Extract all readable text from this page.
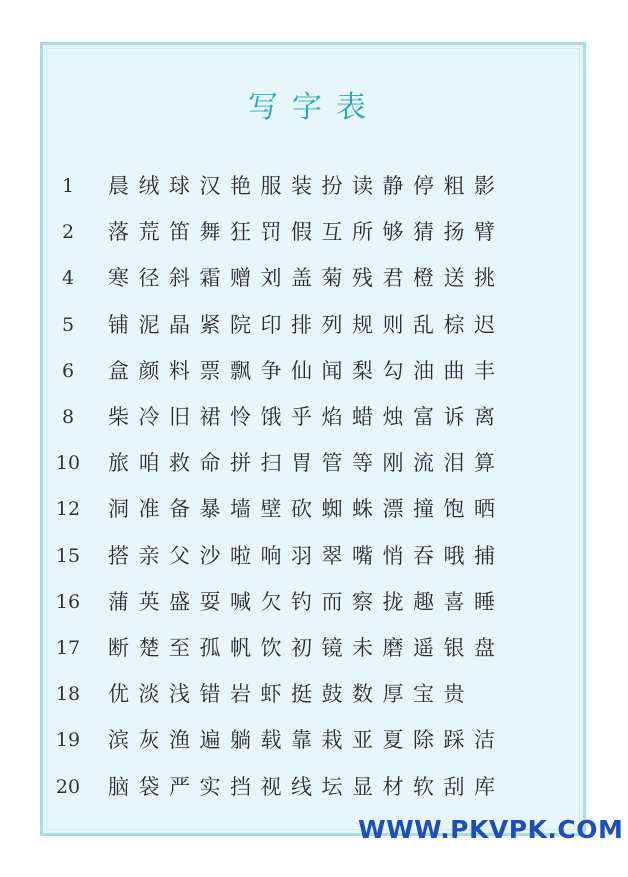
写字表
1	晨 绒 球 汉 艳 服 装 扮 读 静 停 粗 影
2	落 荒 笛 舞 狂 罚 假 互 所 够 猜 扬 臂
4	寒 径 斜 霜 赠 刘 盖 菊 残 君 橙 送 挑
5	铺 泥 晶 紧 院 印 排 列 规 则 乱 棕 迟
6	盒 颜 料 票 飘 争 仙 闻 梨 勾 油 曲 丰
8	柴 冷 旧 裙 怜 饿 乎 焰 蜡 烛 富 诉 离
10	旅 咱 救 命 拼 扫 胃 管 等 刚 流 泪 算
12	洞 准 备 暴 墙 壁 砍 蜘 蛛 漂 撞 饱 晒
15	搭 亲 父 沙 啦 响 羽 翠 嘴 悄 吞 哦 捕
16	蒲 英 盛 耍 喊 欠 钓 而 察 拢 趣 喜 睡
17	断 楚 至 孤 帆 饮 初 镜 未 磨 遥 银 盘
18	优 淡 浅 错 岩 虾 挺 鼓 数 厚 宝 贵
19	滨 灰 渔 遍 躺 载 靠 栽 亚 夏 除 踩 洁
20	脑 袋 严 实 挡 视 线 坛 显 材 软 刮 库
WWW.PKVPK.COM
